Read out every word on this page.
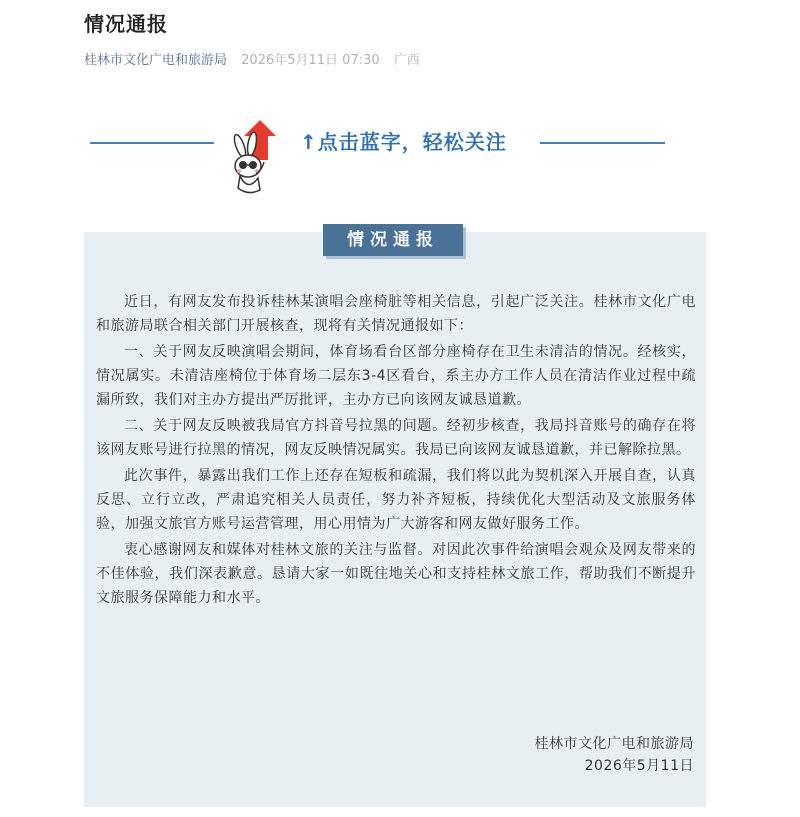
情况通报
桂林市文化广电和旅游局 2026年5月11日 07:30 广西
↑点击蓝字，轻松关注
情况通报

近日，有网友发布投诉桂林某演唱会座椅脏等相关信息，引起广泛关注。桂林市文化广电和旅游局联合相关部门开展核查，现将有关情况通报如下：

一、关于网友反映演唱会期间，体育场看台区部分座椅存在卫生未清洁的情况。经核实，情况属实。未清洁座椅位于体育场二层东3-4区看台，系主办方工作人员在清洁作业过程中疏漏所致，我们对主办方提出严厉批评，主办方已向该网友诚恳道歉。

二、关于网友反映被我局官方抖音号拉黑的问题。经初步核查，我局抖音账号的确存在将该网友账号进行拉黑的情况，网友反映情况属实。我局已向该网友诚恳道歉，并已解除拉黑。

此次事件，暴露出我们工作上还存在短板和疏漏，我们将以此为契机深入开展自查，认真反思、立行立改，严肃追究相关人员责任，努力补齐短板，持续优化大型活动及文旅服务体验，加强文旅官方账号运营管理，用心用情为广大游客和网友做好服务工作。

衷心感谢网友和媒体对桂林文旅的关注与监督。对因此次事件给演唱会观众及网友带来的不佳体验，我们深表歉意。恳请大家一如既往地关心和支持桂林文旅工作，帮助我们不断提升文旅服务保障能力和水平。

桂林市文化广电和旅游局
2026年5月11日
